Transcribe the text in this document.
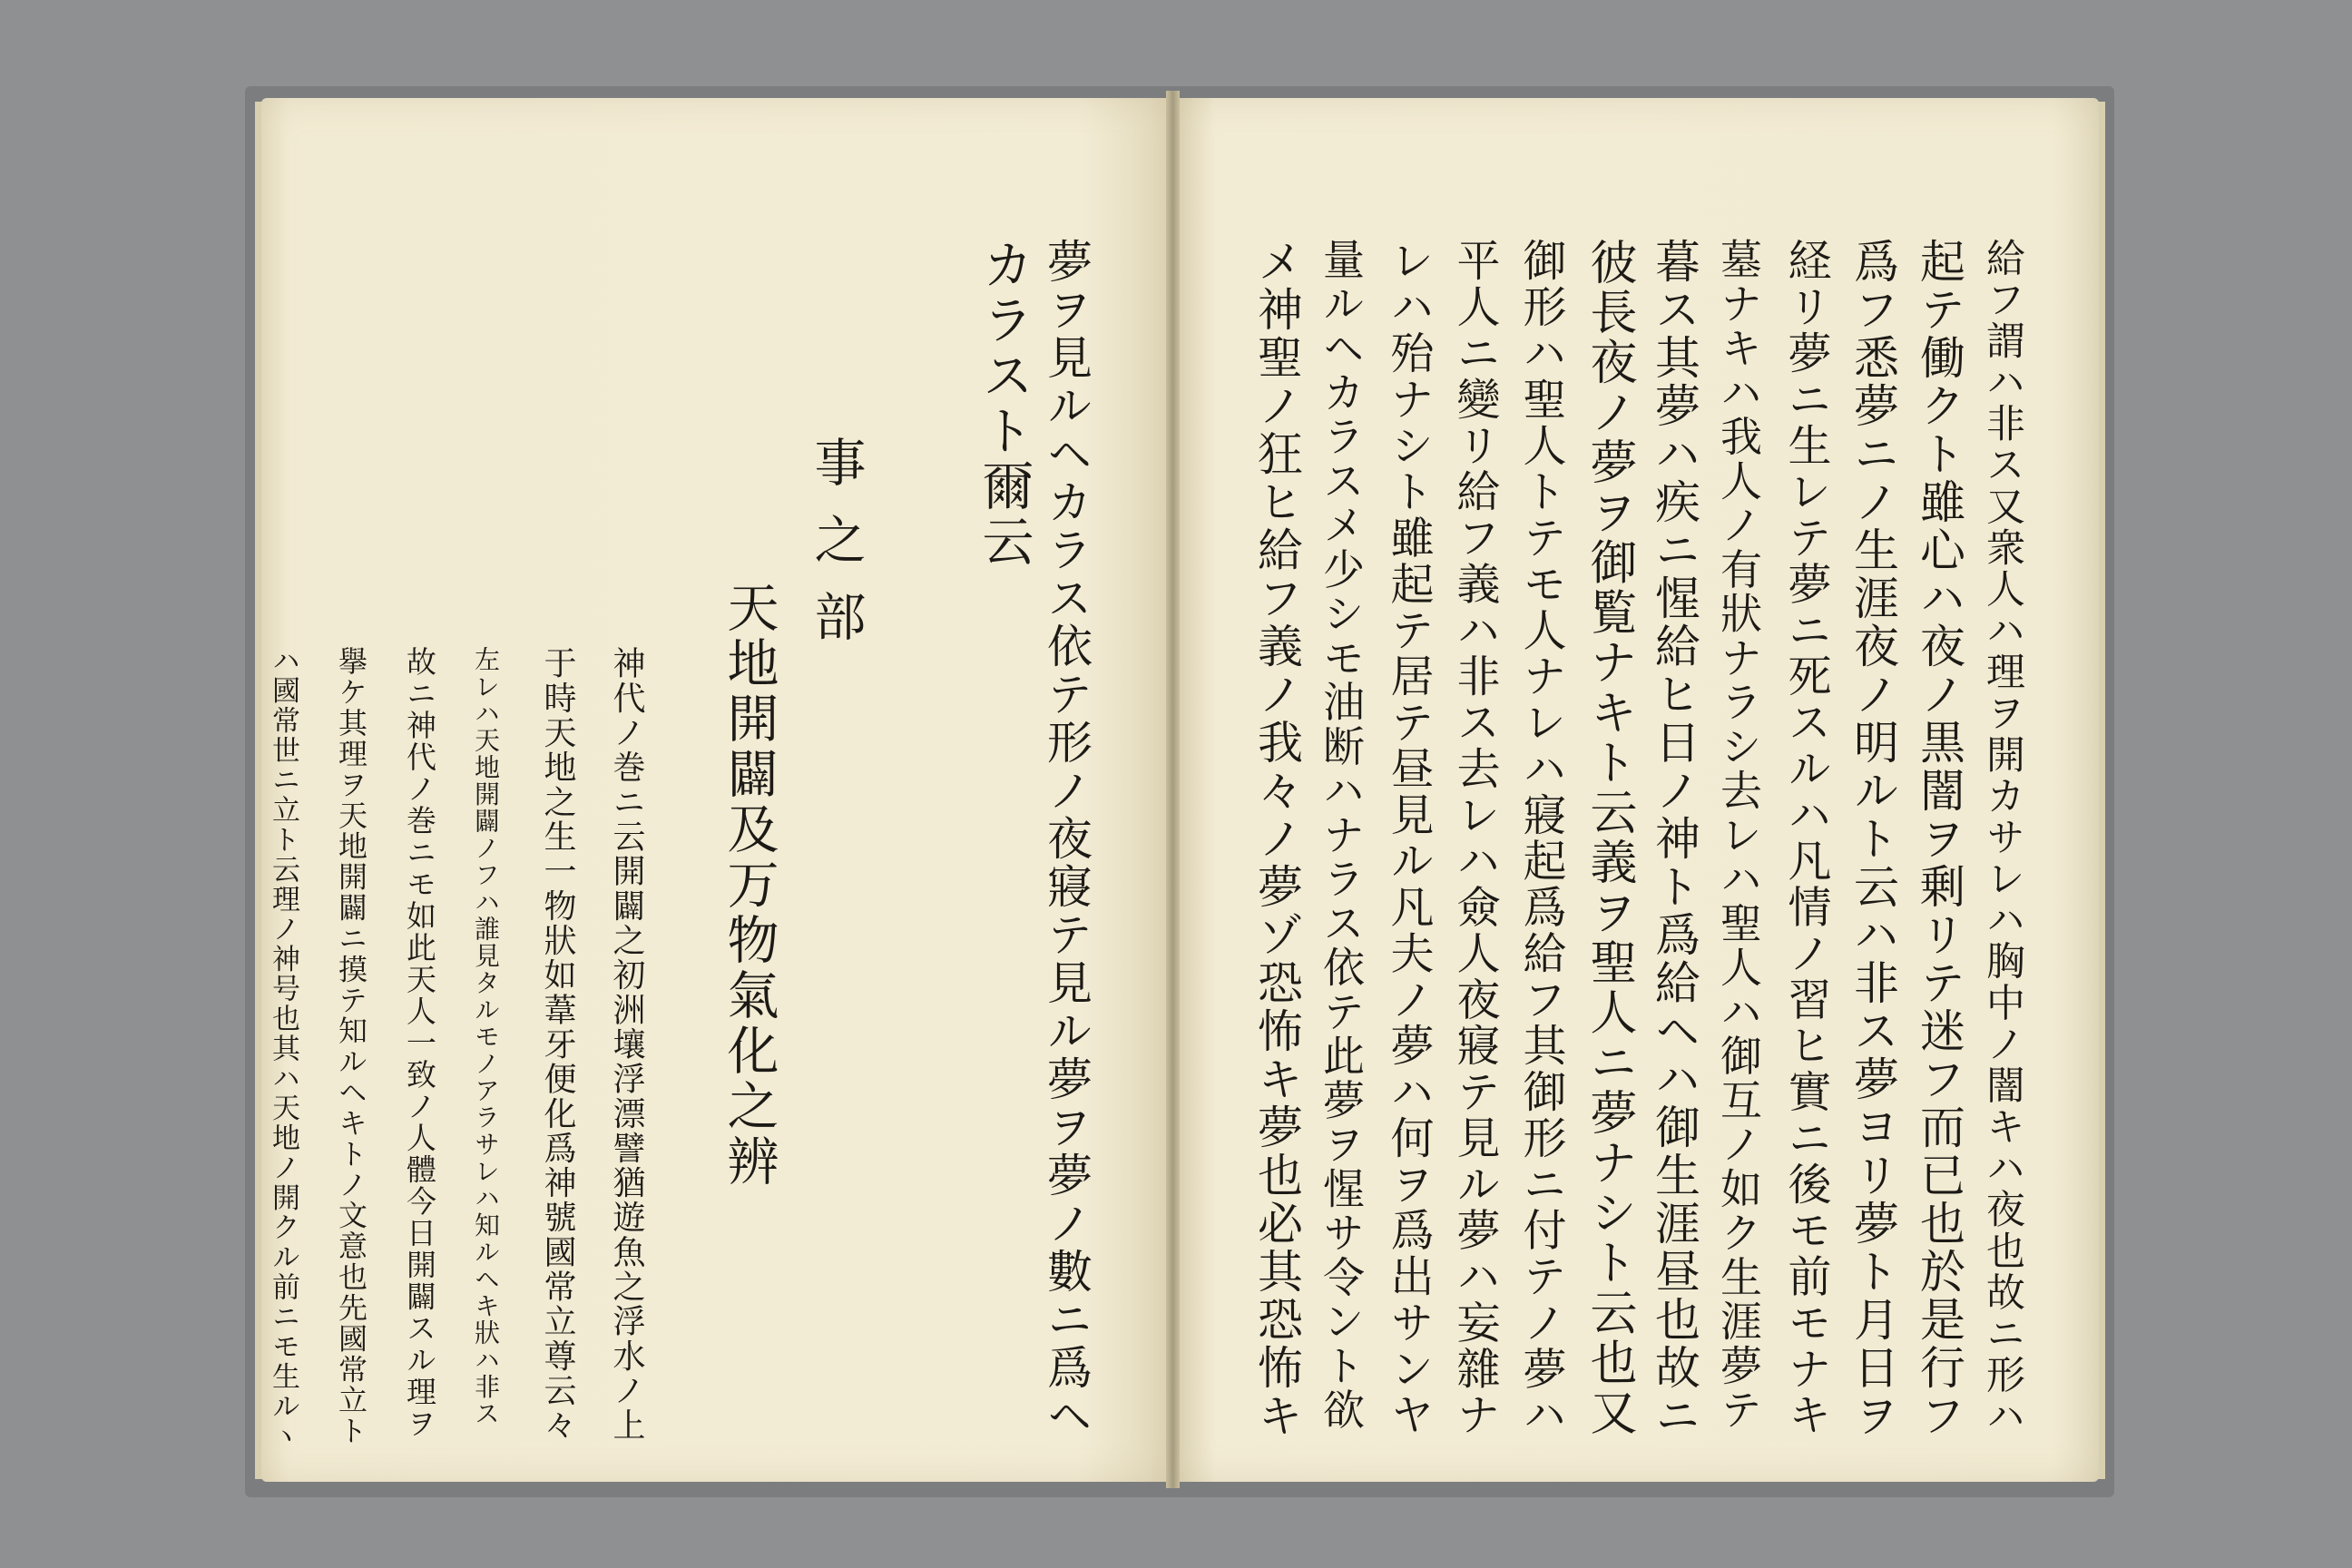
給フ謂ハ非ス又衆人ハ理ヲ開カサレハ胸中ノ闇キハ夜也故ニ形ハ
起テ働クト雖心ハ夜ノ黒闇ヲ剰リテ迷フ而已也於是行フ
爲フ悉夢ニノ生涯夜ノ明ルト云ハ非ス夢ヨリ夢ト月日ヲ
経リ夢ニ生レテ夢ニ死スルハ凡情ノ習ヒ實ニ後モ前モナキ
墓ナキハ我人ノ有狀ナラシ去レハ聖人ハ御互ノ如ク生涯夢テ
暮ス其夢ハ疾ニ惺給ヒ日ノ神ト爲給ヘハ御生涯昼也故ニ
彼長夜ノ夢ヲ御覧ナキト云義ヲ聖人ニ夢ナシト云也又
御形ハ聖人トテモ人ナレハ寢起爲給フ其御形ニ付テノ夢ハ
平人ニ變リ給フ義ハ非ス去レハ僉人夜寢テ見ル夢ハ妄雜ナ
レハ殆ナシト雖起テ居テ昼見ル凡夫ノ夢ハ何ヲ爲出サンヤ
量ルヘカラスメ少シモ油断ハナラス依テ此夢ヲ惺サ令ント欲
メ神聖ノ狂ヒ給フ義ノ我々ノ夢ゾ恐怖キ夢也必其恐怖キ
夢ヲ見ルヘカラス依テ形ノ夜寢テ見ル夢ヲ夢ノ數ニ爲ヘ
カラスト爾云
事之部
天地開闢及万物氣化之辨
神代ノ巻ニ云開闢之初洲壤浮漂譬猶遊魚之浮水ノ上
于時天地之生一物狀如葦牙便化爲神號國常立尊云々
左レハ天地開闢ノフハ誰見タルモノアラサレハ知ルヘキ狀ハ非ス
故ニ神代ノ巻ニモ如此天人一致ノ人體今日開闢スル理ヲ
擧ケ其理ヲ天地開闢ニ摸テ知ルヘキトノ文意也先國常立ト
ハ國常世ニ立ト云理ノ神号也其ハ天地ノ開クル前ニモ生ルヽ
